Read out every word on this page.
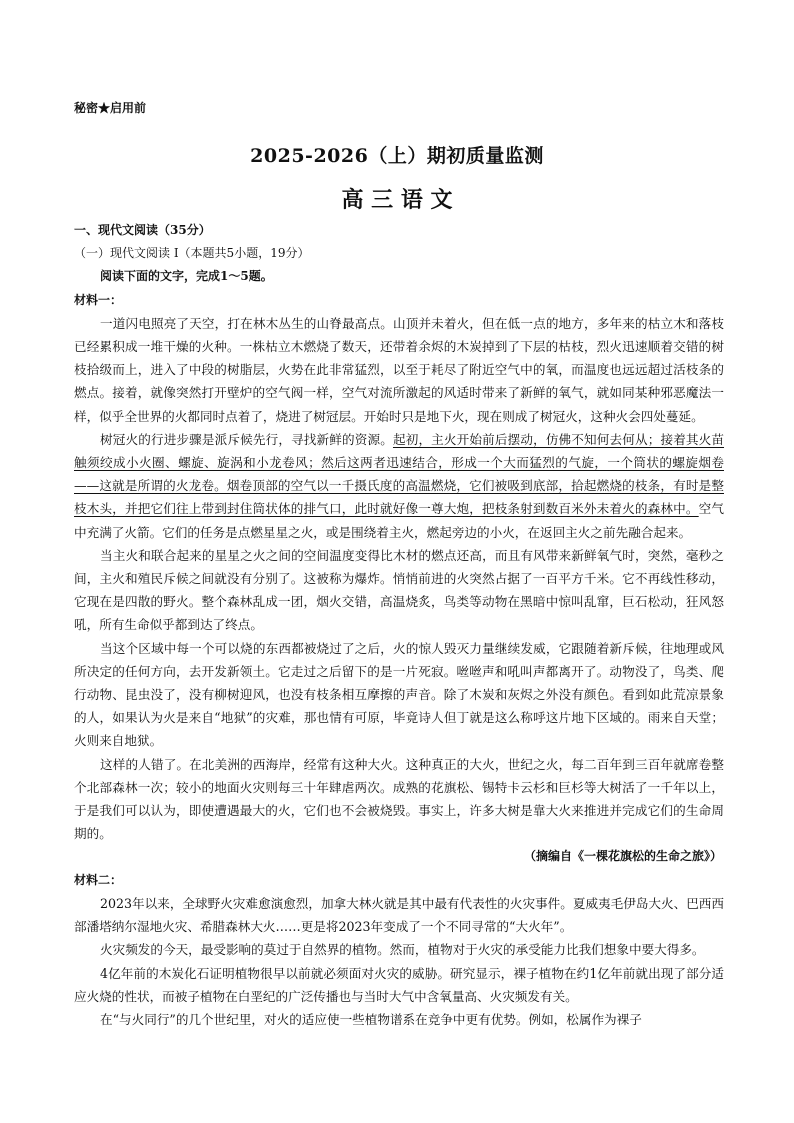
秘密★启用前
2025-2026（上）期初质量监测
高 三 语 文

一、现代文阅读（35分）

（一）现代文阅读 I（本题共5小题，19分）

阅读下面的文字，完成1～5题。

材料一：

一道闪电照亮了天空，打在林木丛生的山脊最高点。山顶并未着火，但在低一点的地方，多年来的枯立木和落枝已经累积成一堆干燥的火种。一株枯立木燃烧了数天，还带着余烬的木炭掉到了下层的枯枝，烈火迅速顺着交错的树枝拾级而上，进入了中段的树脂层，火势在此非常猛烈，以至于耗尽了附近空气中的氧，而温度也远远超过活枝条的燃点。接着，就像突然打开壁炉的空气阀一样，空气对流所激起的风适时带来了新鲜的氧气，就如同某种邪恶魔法一样，似乎全世界的火都同时点着了，烧进了树冠层。开始时只是地下火，现在则成了树冠火，这种火会四处蔓延。

树冠火的行进步骤是派斥候先行，寻找新鲜的资源。起初，主火开始前后摆动，仿佛不知何去何从；接着其火苗触须绞成小火圈、螺旋、旋涡和小龙卷风；然后这两者迅速结合，形成一个大而猛烈的气旋，一个筒状的螺旋烟卷——这就是所谓的火龙卷。烟卷顶部的空气以一千摄氏度的高温燃烧，它们被吸到底部，拾起燃烧的枝条，有时是整枝木头，并把它们往上带到封住筒状体的排气口，此时就好像一尊大炮，把枝条射到数百米外未着火的森林中。空气中充满了火箭。它们的任务是点燃星星之火，或是围绕着主火，燃起旁边的小火，在返回主火之前先融合起来。

当主火和联合起来的星星之火之间的空间温度变得比木材的燃点还高，而且有风带来新鲜氧气时，突然，毫秒之间，主火和殖民斥候之间就没有分别了。这被称为爆炸。悄悄前进的火突然占据了一百平方千米。它不再线性移动，它现在是四散的野火。整个森林乱成一团，烟火交错，高温烧炙，鸟类等动物在黑暗中惊叫乱窜，巨石松动，狂风怒吼，所有生命似乎都到达了终点。

当这个区域中每一个可以烧的东西都被烧过了之后，火的惊人毁灭力量继续发威，它跟随着新斥候，往地理或风所决定的任何方向，去开发新领土。它走过之后留下的是一片死寂。咝咝声和吼叫声都离开了。动物没了，鸟类、爬行动物、昆虫没了，没有柳树迎风，也没有枝条相互摩擦的声音。除了木炭和灰烬之外没有颜色。看到如此荒凉景象的人，如果认为火是来自“地狱”的灾难，那也情有可原，毕竟诗人但丁就是这么称呼这片地下区域的。雨来自天堂；火则来自地狱。

这样的人错了。在北美洲的西海岸，经常有这种大火。这种真正的大火，世纪之火，每二百年到三百年就席卷整个北部森林一次；较小的地面火灾则每三十年肆虐两次。成熟的花旗松、锡特卡云杉和巨杉等大树活了一千年以上，于是我们可以认为，即使遭遇最大的火，它们也不会被烧毁。事实上，许多大树是靠大火来推进并完成它们的生命周期的。

（摘编自《一棵花旗松的生命之旅》）

材料二：

2023年以来，全球野火灾难愈演愈烈，加拿大林火就是其中最有代表性的火灾事件。夏威夷毛伊岛大火、巴西西部潘塔纳尔湿地火灾、希腊森林大火……更是将2023年变成了一个不同寻常的“大火年”。

火灾频发的今天，最受影响的莫过于自然界的植物。然而，植物对于火灾的承受能力比我们想象中要大得多。

4亿年前的木炭化石证明植物很早以前就必须面对火灾的威胁。研究显示，裸子植物在约1亿年前就出现了部分适应火烧的性状，而被子植物在白垩纪的广泛传播也与当时大气中含氧量高、火灾频发有关。

在“与火同行”的几个世纪里，对火的适应使一些植物谱系在竞争中更有优势。例如，松属作为裸子
